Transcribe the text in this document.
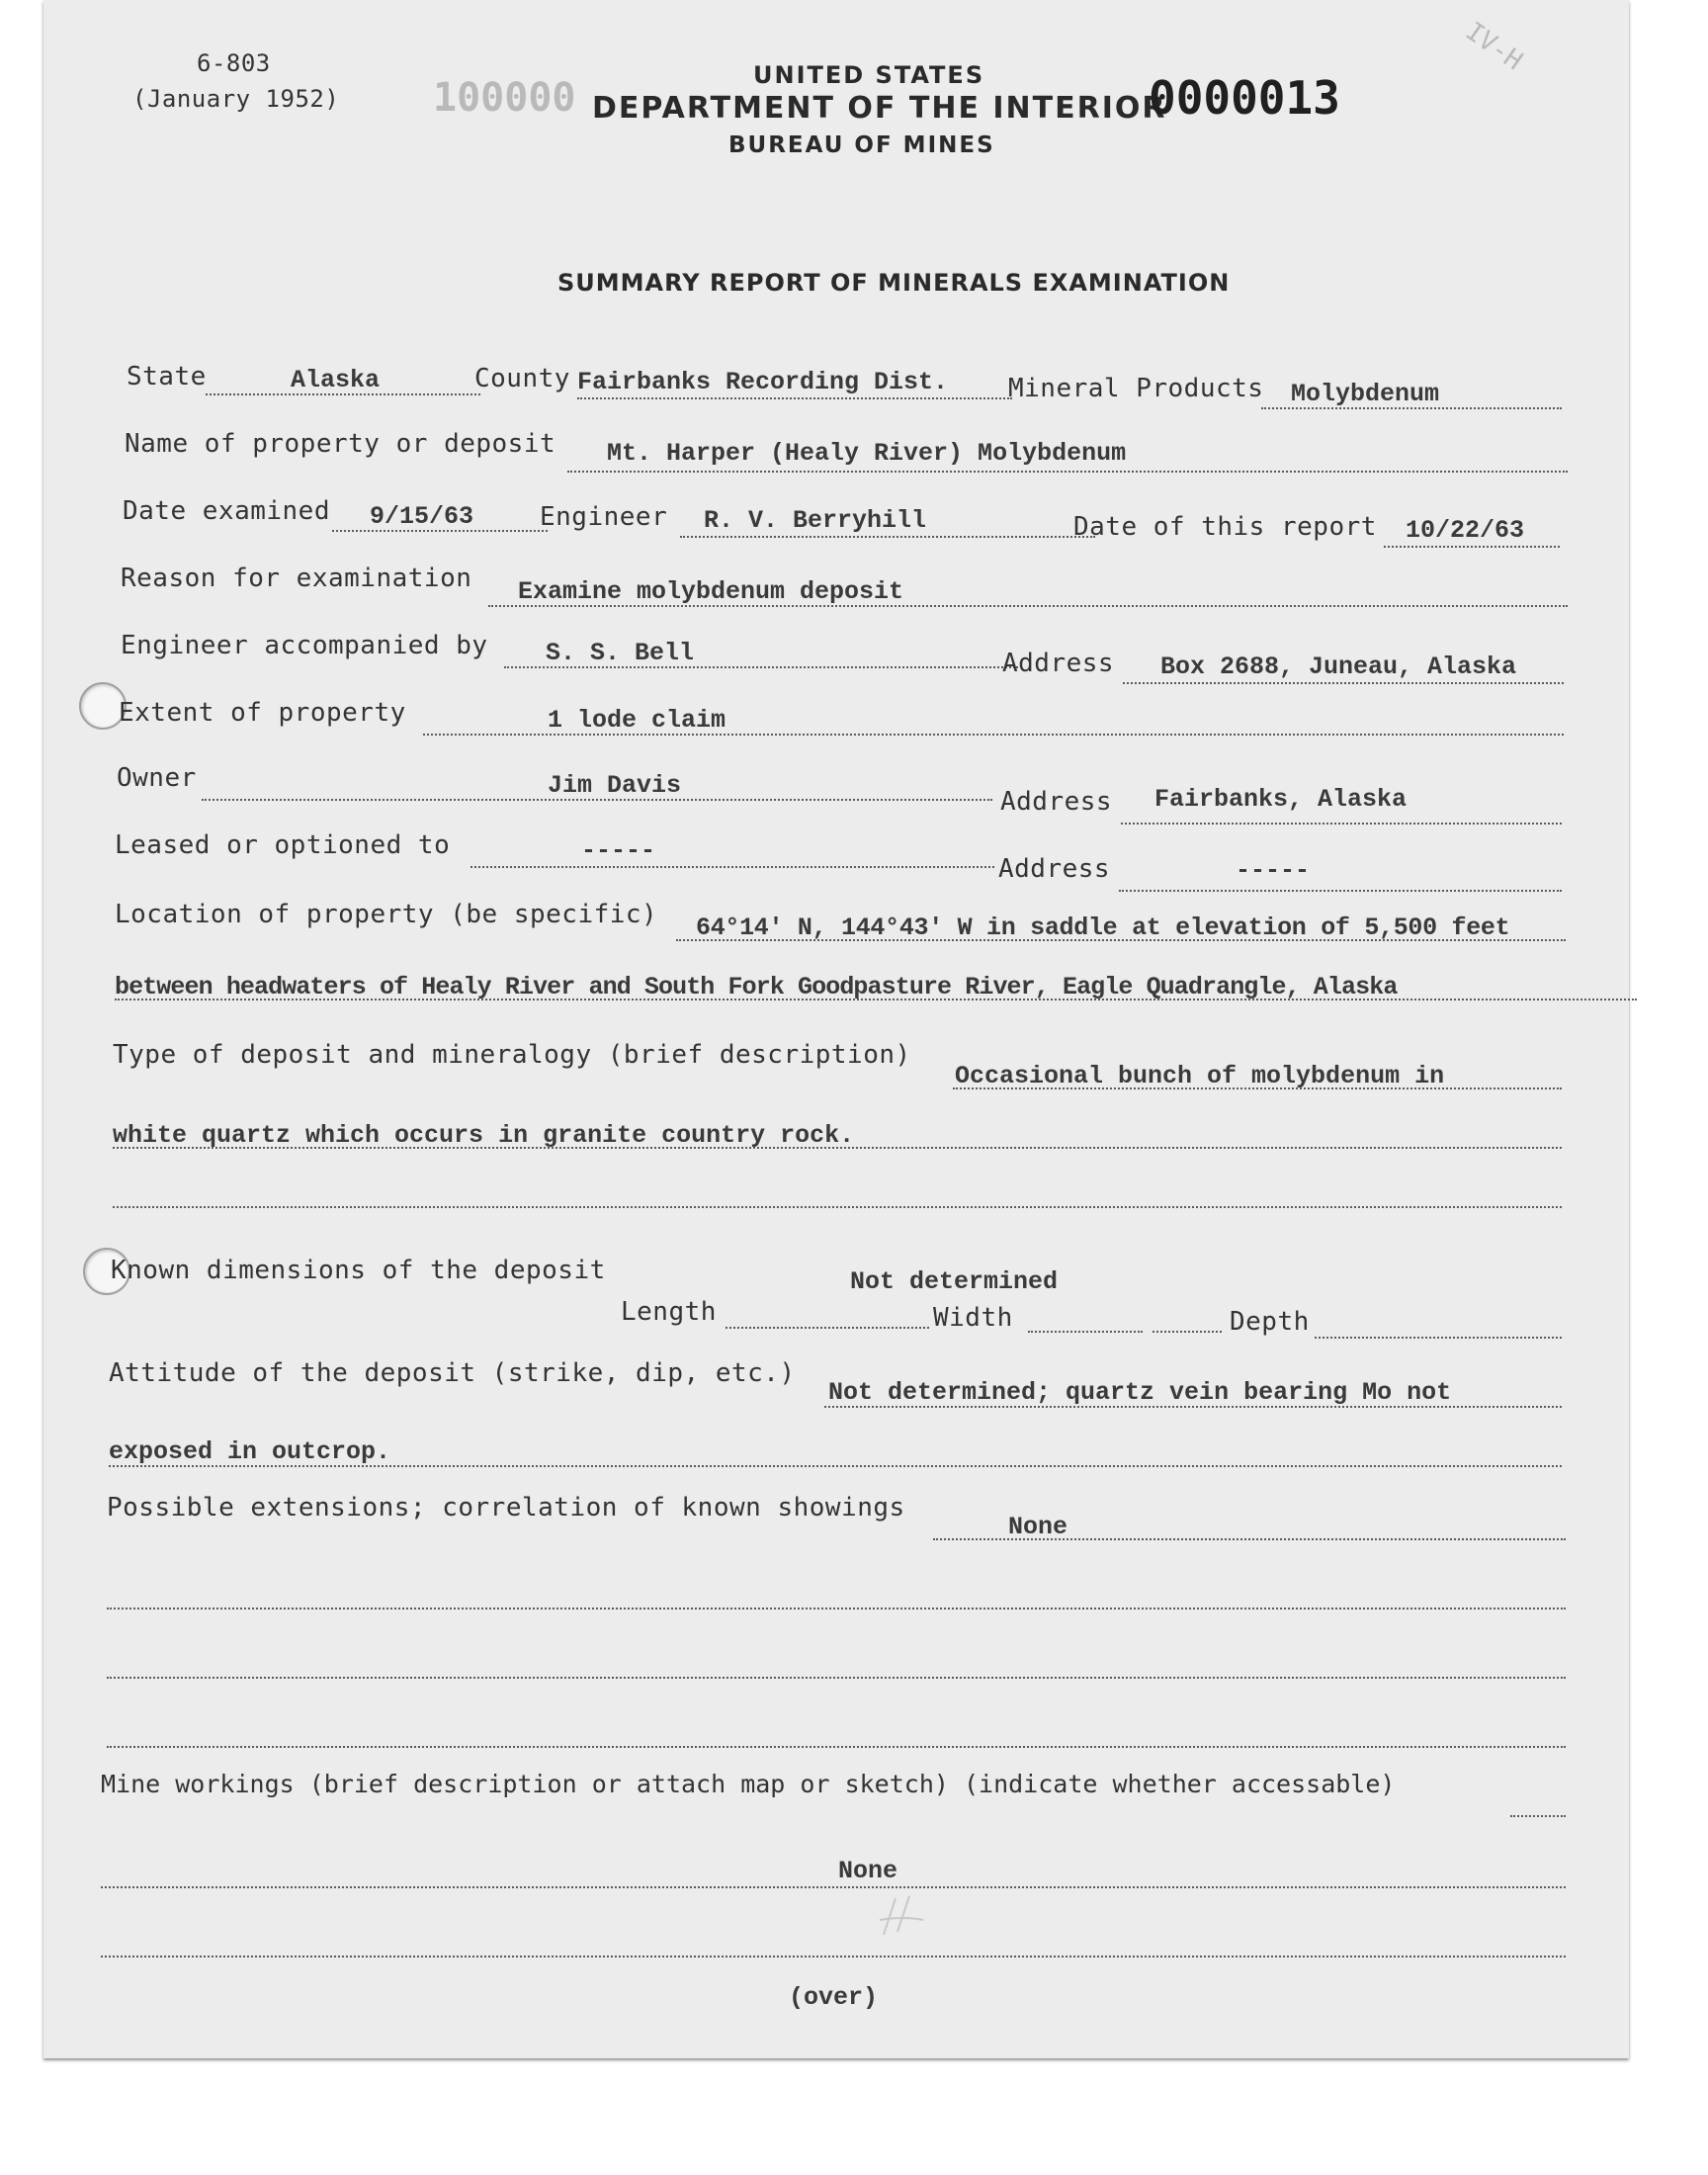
6-803
(January 1952) 100000	UNITED STATES
DEPARTMENT OF THE INTERIOR
BUREAU OF MINES
0000013
IV-H
SUMMARY REPORT OF MINERALS EXAMINATION
State	Alaska	County Fairbanks Recording Dist. Mineral Products Molybdenum
Name of property or deposit Mt. Harper (Healy River) Molybdenum
Date examined 9/15/63	Engineer R. V. Berryhill	Date of this report 10/22/63
Reason for examination Examine molybdenum deposit
Engineer accompanied by S. S. Bell	Address Box 2688, Juneau, Alaska
Extent of property	1 lode claim
Owner	Jim Davis
Address Fairbanks, Alaska
Leased or optioned to	-----
Address	-----
Location of property (be specific) 64°14' N, 144°43' W in saddle at elevation of 5,500 feet
between headwaters of Healy River and South Fork Goodpasture River, Eagle Quadrangle, Alaska
Type of deposit and mineralogy (brief description)
Occasional bunch of molybdenum in
white quartz which occurs in granite country rock.
Known dimensions of the deposit	Not determined
Length	Width	Depth
Attitude of the deposit (strike, dip, etc.)
Not determined; quartz vein bearing Mo not
exposed in outcrop.
Possible extensions; correlation of known showings
None
Mine workings (brief description or attach map or sketch) (indicate whether accessable)
None
(over)
